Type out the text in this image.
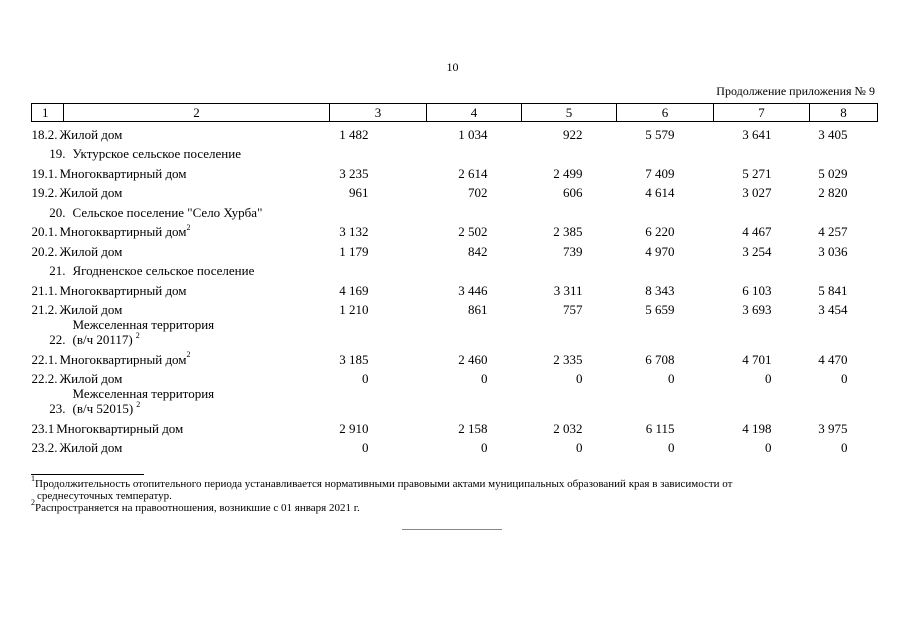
10
Продолжение приложения № 9
1 2	3	4	5	6	7	8
18.2. Жилой дом	1 482	1 034	922	5 579	3 641	3 405
19. Уктурское сельское поселение						
19.1. Многоквартирный дом	3 235	2 614	2 499	7 409	5 271	5 029
19.2. Жилой дом	961	702	606	4 614	3 027	2 820
20. Сельское поселение "Село Хурба"						
20.1. Многоквартирный дом$^2$	3 132	2 502	2 385	6 220	4 467	4 257
20.2. Жилой дом	1 179	842	739	4 970	3 254	3 036
21. Ягодненское сельское поселение						
21.1. Многоквартирный дом	4 169	3 446	3 311	8 343	6 103	5 841
21.2. Жилой дом	1 210	861	757	5 659	3 693	3 454
22.Межселенная территория
(в/ч 20117) $^2$
22.1. Многоквартирный дом$^2$	3 185	2 460	2 335	6 708	4 701	4 470
22.2. Жилой дом	0	0	0	0	0	0
23.Межселенная территория
(в/ч 52015) $^2$
23.1 Многоквартирный дом	2 910	2 158	2 032	6 115	4 198	3 975
23.2. Жилой дом	0	0	0	0	0	0

$^1$Продолжительность отопительного периода устанавливается нормативными правовыми актами муниципальных образований края в зависимости от
среднесуточных температур.

$^2$Распространяется на правоотношения, возникшие с 01 января 2021 г.
